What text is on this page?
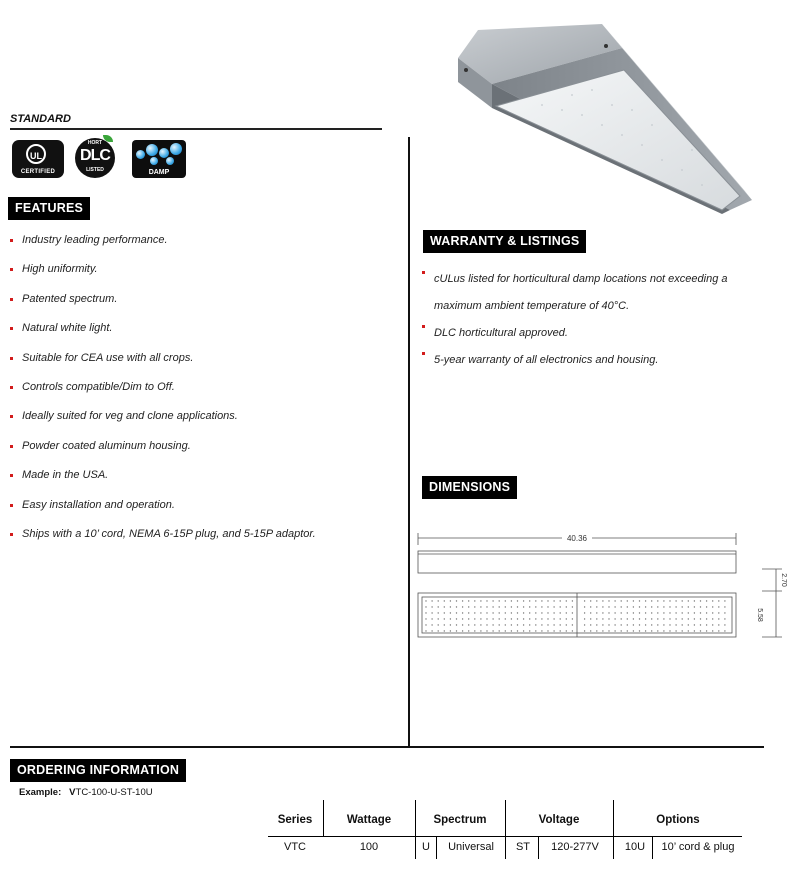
STANDARD
UL
CERTIFIED
HORT
DLC
LISTED	DAMP
FEATURES
Industry leading performance.
High uniformity.
Patented spectrum.
Natural white light.
Suitable for CEA use with all crops.
Controls compatible/Dim to Off.
Ideally suited for veg and clone applications.
Powder coated aluminum housing.
Made in the USA.
Easy installation and operation.
Ships with a 10’ cord, NEMA 6-15P plug, and 5-15P adaptor.
WARRANTY & LISTINGS
cULus listed for horticultural damp locations not exceeding a
maximum ambient temperature of 40°C.
DLC horticultural approved.
5-year warranty of all electronics and housing.
DIMENSIONS
40.36
2.70
5.58
ORDERING INFORMATION
Example: VTC-100-U-ST-10U
Series	Wattage	Spectrum	Voltage	Options
VTC	100	U	Universal	ST	120-277V	10U	10’ cord & plug
